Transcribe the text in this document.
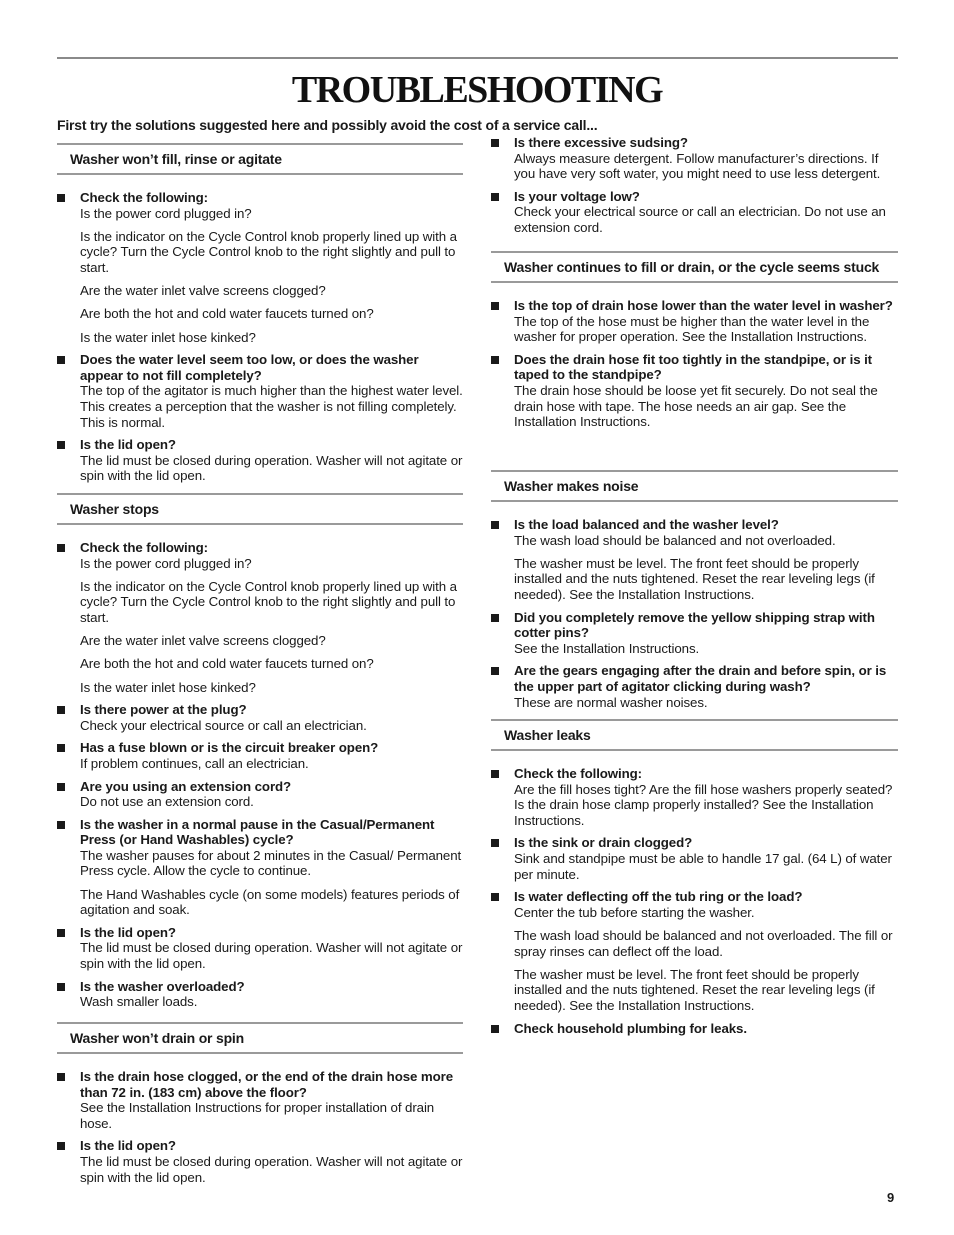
TROUBLESHOOTING

First try the solutions suggested here and possibly avoid the cost of a service call...

Washer won’t fill, rinse or agitate
Check the following:
Is the power cord plugged in?
Is the indicator on the Cycle Control knob properly lined up with a cycle? Turn the Cycle Control knob to the right slightly and pull to start.
Are the water inlet valve screens clogged?
Are both the hot and cold water faucets turned on?
Is the water inlet hose kinked?
Does the water level seem too low, or does the washer appear to not fill completely?
The top of the agitator is much higher than the highest water level. This creates a perception that the washer is not filling completely. This is normal.
Is the lid open?
The lid must be closed during operation. Washer will not agitate or spin with the lid open.
Washer stops
Check the following:
Is the power cord plugged in?
Is the indicator on the Cycle Control knob properly lined up with a cycle? Turn the Cycle Control knob to the right slightly and pull to start.
Are the water inlet valve screens clogged?
Are both the hot and cold water faucets turned on?
Is the water inlet hose kinked?
Is there power at the plug?
Check your electrical source or call an electrician.
Has a fuse blown or is the circuit breaker open?
If problem continues, call an electrician.
Are you using an extension cord?
Do not use an extension cord.
Is the washer in a normal pause in the Casual/Permanent Press (or Hand Washables) cycle?
The washer pauses for about 2 minutes in the Casual/ Permanent Press cycle. Allow the cycle to continue.
The Hand Washables cycle (on some models) features periods of agitation and soak.
Is the lid open?
The lid must be closed during operation. Washer will not agitate or spin with the lid open.
Is the washer overloaded?
Wash smaller loads.
Washer won’t drain or spin
Is the drain hose clogged, or the end of the drain hose more than 72 in. (183 cm) above the floor?
See the Installation Instructions for proper installation of drain hose.
Is the lid open?
The lid must be closed during operation. Washer will not agitate or spin with the lid open.
Is there excessive sudsing?
Always measure detergent. Follow manufacturer’s directions. If you have very soft water, you might need to use less detergent.
Is your voltage low?
Check your electrical source or call an electrician. Do not use an extension cord.
Washer continues to fill or drain, or the cycle seems stuck
Is the top of drain hose lower than the water level in washer?
The top of the hose must be higher than the water level in the washer for proper operation. See the Installation Instructions.
Does the drain hose fit too tightly in the standpipe, or is it taped to the standpipe?
The drain hose should be loose yet fit securely. Do not seal the drain hose with tape. The hose needs an air gap. See the Installation Instructions.
Washer makes noise
Is the load balanced and the washer level?
The wash load should be balanced and not overloaded.
The washer must be level. The front feet should be properly installed and the nuts tightened. Reset the rear leveling legs (if needed). See the Installation Instructions.
Did you completely remove the yellow shipping strap with cotter pins?
See the Installation Instructions.
Are the gears engaging after the drain and before spin, or is the upper part of agitator clicking during wash?
These are normal washer noises.
Washer leaks
Check the following:
Are the fill hoses tight? Are the fill hose washers properly seated? Is the drain hose clamp properly installed? See the Installation Instructions.
Is the sink or drain clogged?
Sink and standpipe must be able to handle 17 gal. (64 L) of water per minute.
Is water deflecting off the tub ring or the load?
Center the tub before starting the washer.
The wash load should be balanced and not overloaded. The fill or spray rinses can deflect off the load.
The washer must be level. The front feet should be properly installed and the nuts tightened. Reset the rear leveling legs (if needed). See the Installation Instructions.
Check household plumbing for leaks.
9
